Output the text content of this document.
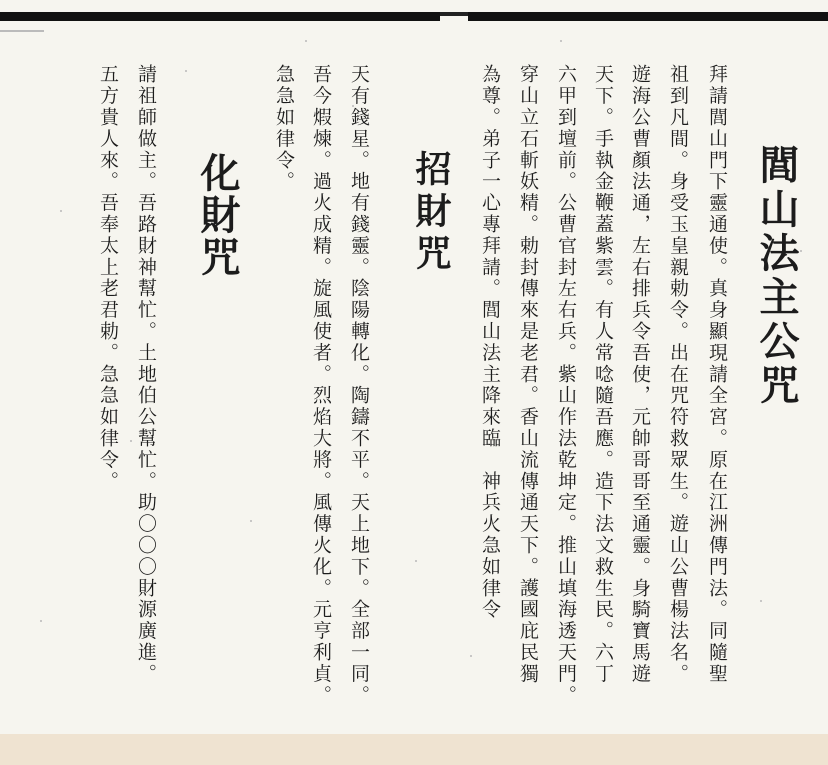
閭山法主公咒
拜請閭山門下靈通使。真身顯現請全宮。原在江洲傳門法。同隨聖
祖到凡間。身受玉皇親勅令。出在咒符救眾生。遊山公曹楊法名。
遊海公曹顏法通，左右排兵令吾使，元帥哥哥至通靈。身騎寶馬遊
天下。手執金鞭蓋紫雲。有人常唸隨吾應。造下法文救生民。六丁
六甲到壇前。公曹官封左右兵。紫山作法乾坤定。推山填海透天門。
穿山立石斬妖精。勅封傳來是老君。香山流傳通天下。護國庇民獨
為尊。弟子一心專拜請。閭山法主降來臨　神兵火急如律令
招財咒
天有錢星。地有錢靈。陰陽轉化。陶鑄不平。天上地下。全部一同。
吾今煆煉。過火成精。旋風使者。烈焰大將。風傳火化。元亨利貞。
急急如律令。
化財咒
請祖師做主。吾路財神幫忙。土地伯公幫忙。助〇〇〇財源廣進。
五方貴人來。吾奉太上老君勅。急急如律令。
